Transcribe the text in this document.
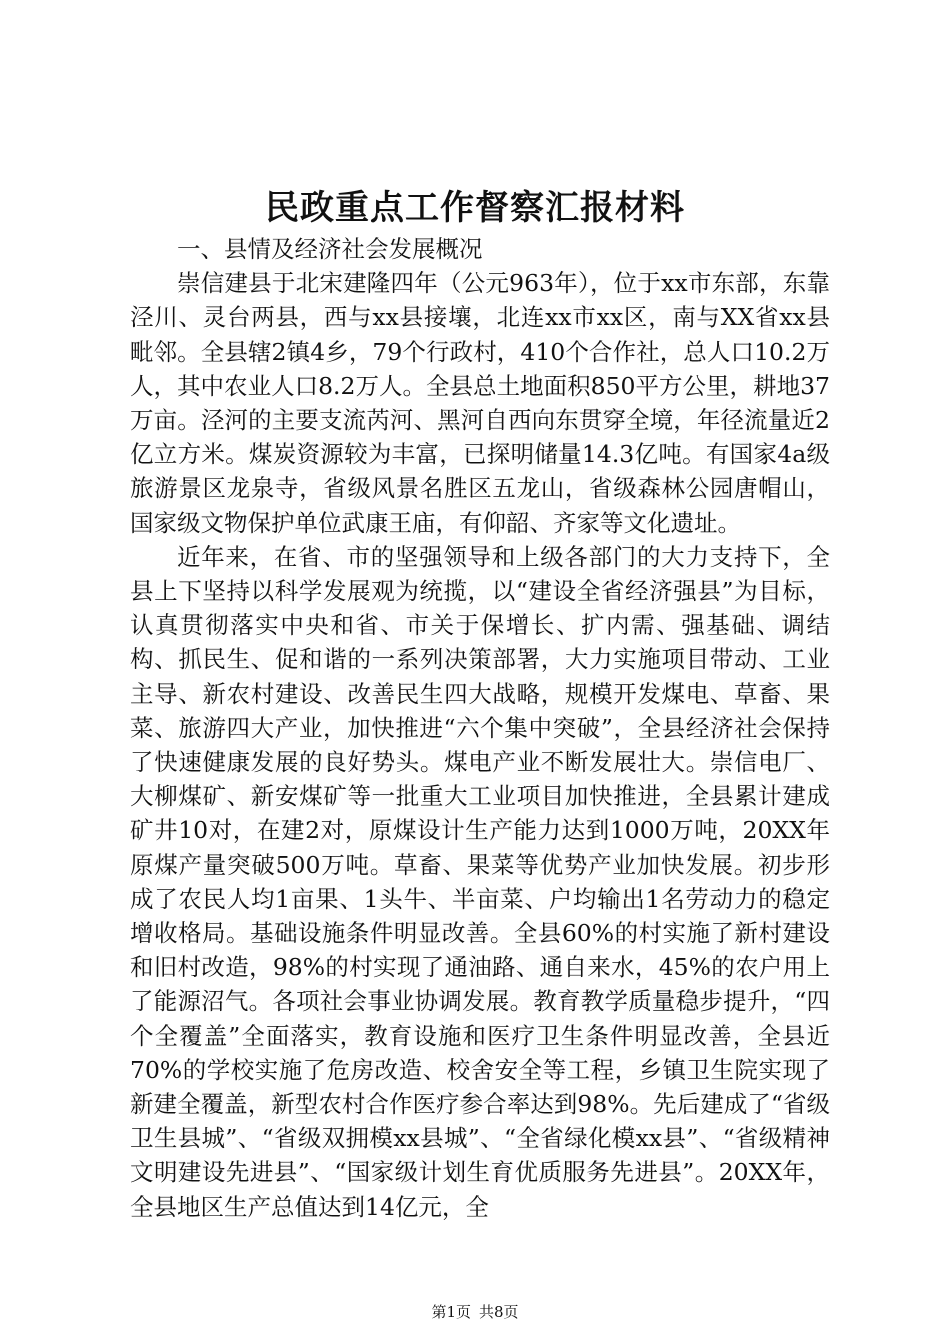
民政重点工作督察汇报材料

一、县情及经济社会发展概况

崇信建县于北宋建隆四年（公元963年），位于xx市东部，东靠泾川、灵台两县，西与xx县接壤，北连xx市xx区，南与XX省xx县毗邻。全县辖2镇4乡，79个行政村，410个合作社，总人口10.2万人，其中农业人口8.2万人。全县总土地面积850平方公里，耕地37万亩。泾河的主要支流芮河、黑河自西向东贯穿全境，年径流量近2亿立方米。煤炭资源较为丰富，已探明储量14.3亿吨。有国家4a级旅游景区龙泉寺，省级风景名胜区五龙山，省级森林公园唐帽山，国家级文物保护单位武康王庙，有仰韶、齐家等文化遗址。

近年来，在省、市的坚强领导和上级各部门的大力支持下，全县上下坚持以科学发展观为统揽，以“建设全省经济强县”为目标，认真贯彻落实中央和省、市关于保增长、扩内需、强基础、调结构、抓民生、促和谐的一系列决策部署，大力实施项目带动、工业主导、新农村建设、改善民生四大战略，规模开发煤电、草畜、果菜、旅游四大产业，加快推进“六个集中突破”，全县经济社会保持了快速健康发展的良好势头。煤电产业不断发展壮大。崇信电厂、大柳煤矿、新安煤矿等一批重大工业项目加快推进，全县累计建成矿井10对，在建2对，原煤设计生产能力达到1000万吨，20XX年原煤产量突破500万吨。草畜、果菜等优势产业加快发展。初步形成了农民人均1亩果、1头牛、半亩菜、户均输出1名劳动力的稳定增收格局。基础设施条件明显改善。全县60%的村实施了新村建设和旧村改造，98%的村实现了通油路、通自来水，45%的农户用上了能源沼气。各项社会事业协调发展。教育教学质量稳步提升，“四个全覆盖”全面落实，教育设施和医疗卫生条件明显改善，全县近70%的学校实施了危房改造、校舍安全等工程，乡镇卫生院实现了新建全覆盖，新型农村合作医疗参合率达到98%。先后建成了“省级卫生县城”、“省级双拥模xx县城”、“全省绿化模xx县”、“省级精神文明建设先进县”、“国家级计划生育优质服务先进县”。20XX年，全县地区生产总值达到14亿元，全

第1页 共8页
